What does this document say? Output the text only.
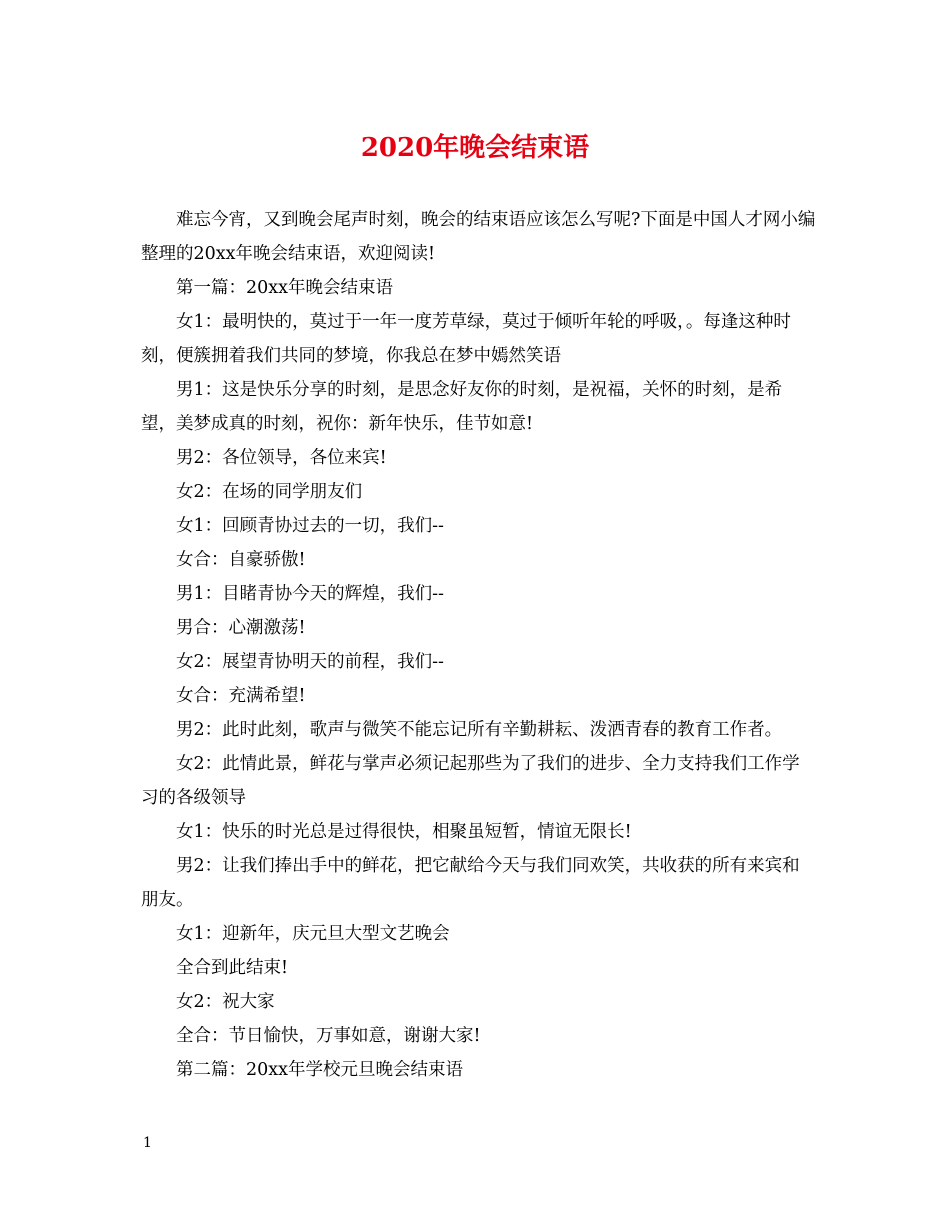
2020年晚会结束语

难忘今宵，又到晚会尾声时刻，晚会的结束语应该怎么写呢?下面是中国人才网小编整理的20xx年晚会结束语，欢迎阅读!

第一篇：20xx年晚会结束语

女1：最明快的，莫过于一年一度芳草绿，莫过于倾听年轮的呼吸，。每逢这种时刻，便簇拥着我们共同的梦境，你我总在梦中嫣然笑语

男1：这是快乐分享的时刻，是思念好友你的时刻，是祝福，关怀的时刻，是希望，美梦成真的时刻，祝你：新年快乐，佳节如意!

男2：各位领导，各位来宾!

女2：在场的同学朋友们

女1：回顾青协过去的一切，我们--

女合：自豪骄傲!

男1：目睹青协今天的辉煌，我们--

男合：心潮激荡!

女2：展望青协明天的前程，我们--

女合：充满希望!

男2：此时此刻，歌声与微笑不能忘记所有辛勤耕耘、泼洒青春的教育工作者。

女2：此情此景，鲜花与掌声必须记起那些为了我们的进步、全力支持我们工作学习的各级领导

女1：快乐的时光总是过得很快，相聚虽短暂，情谊无限长!

男2：让我们捧出手中的鲜花，把它献给今天与我们同欢笑，共收获的所有来宾和朋友。

女1：迎新年，庆元旦大型文艺晚会

全合到此结束!

女2：祝大家

全合：节日愉快，万事如意，谢谢大家!

第二篇：20xx年学校元旦晚会结束语

1
